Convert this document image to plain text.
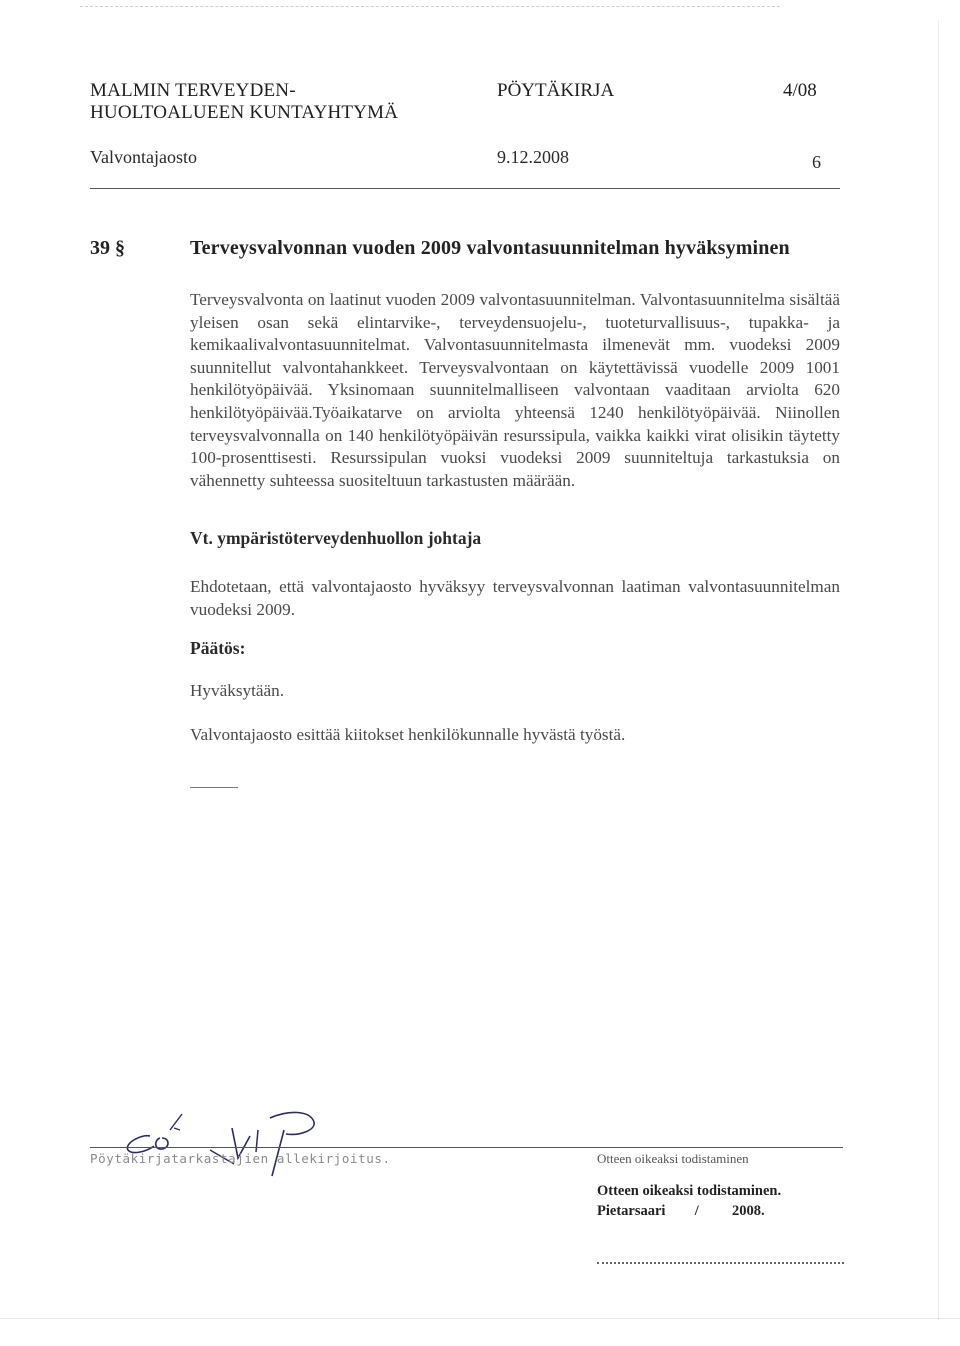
MALMIN TERVEYDEN-
HUOLTOALUEEN KUNTAYHTYMÄ
PÖYTÄKIRJA	4/08
Valvontajaosto	9.12.2008	6
39 §	Terveysvalvonnan vuoden 2009 valvontasuunnitelman hyväksyminen
Terveysvalvonta on laatinut vuoden 2009 valvontasuunnitelman. Valvontasuunnitelma sisältää yleisen osan sekä elintarvike-, terveydensuojelu-, tuoteturvallisuus-, tupakka- ja kemikaalivalvontasuunnitelmat. Valvontasuunnitelmasta ilmenevät mm. vuodeksi 2009 suunnitellut valvontahankkeet. Terveysvalvontaan on käytettävissä vuodelle 2009 1001 henkilötyöpäivää. Yksinomaan suunnitelmalliseen valvontaan vaaditaan arviolta 620 henkilötyöpäivää.Työaikatarve on arviolta yhteensä 1240 henkilötyöpäivää. Niinollen terveysvalvonnalla on 140 henkilötyöpäivän resurssipula, vaikka kaikki virat olisikin täytetty 100-prosenttisesti. Resurssipulan vuoksi vuodeksi 2009 suunniteltuja tarkastuksia on vähennetty suhteessa suositeltuun tarkastusten määrään.
Vt. ympäristöterveydenhuollon johtaja
Ehdotetaan, että valvontajaosto hyväksyy terveysvalvonnan laatiman valvontasuunnitelman vuodeksi 2009.
Päätös:
Hyväksytään.
Valvontajaosto esittää kiitokset henkilökunnalle hyvästä työstä.
Pöytäkirjatarkastajien allekirjoitus.	Otteen oikeaksi todistaminen
Otteen oikeaksi todistaminen.
Pietarsaari / 2008.
